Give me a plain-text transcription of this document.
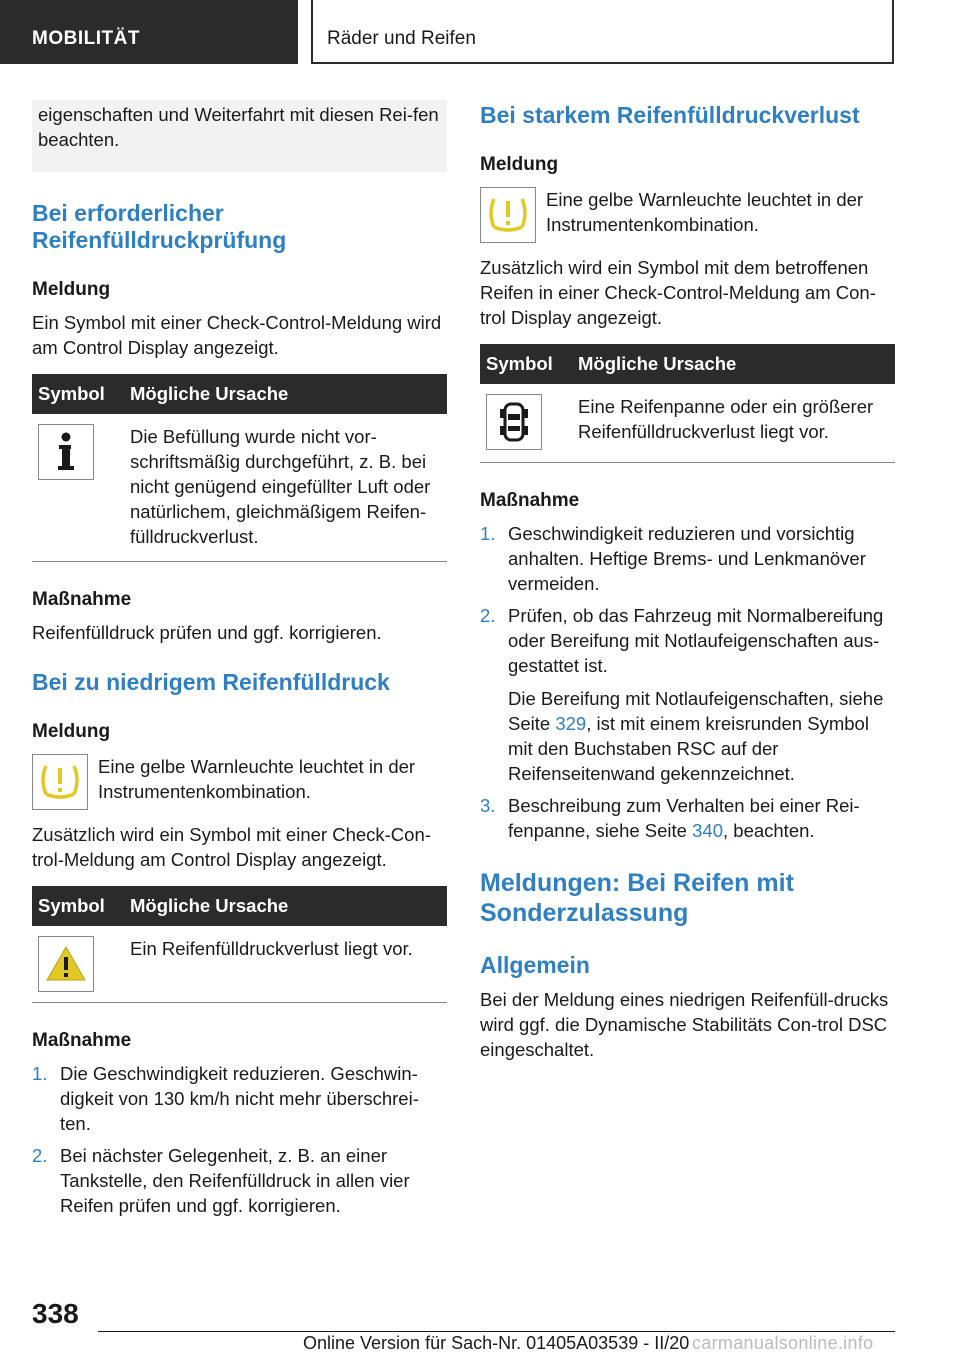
MOBILITÄT	Räder und Reifen

eigenschaften und Weiterfahrt mit diesen Rei-fen beachten.

Bei erforderlicher Reifenfülldruckprüfung
Meldung

Ein Symbol mit einer Check-Control-Meldung wird am Control Display angezeigt.

Symbol	Mögliche Ursache

	Die Befüllung wurde nicht vor-schriftsmäßig durchgeführt, z. B. bei nicht genügend eingefüllter Luft oder natürlichem, gleichmäßigem Reifen-fülldruckverlust.
Maßnahme

Reifenfülldruck prüfen und ggf. korrigieren.

Bei zu niedrigem Reifenfülldruck
Meldung

Eine gelbe Warnleuchte leuchtet in der Instrumentenkombination.

Zusätzlich wird ein Symbol mit einer Check-Con-trol-Meldung am Control Display angezeigt.

Symbol	Mögliche Ursache

	Ein Reifenfülldruckverlust liegt vor.
Maßnahme
1. Die Geschwindigkeit reduzieren. Geschwin-digkeit von 130 km/h nicht mehr überschrei-ten.
2. Bei nächster Gelegenheit, z. B. an einer Tankstelle, den Reifenfülldruck in allen vier Reifen prüfen und ggf. korrigieren.
Bei starkem Reifenfülldruckverlust
Meldung

Eine gelbe Warnleuchte leuchtet in der Instrumentenkombination.

Zusätzlich wird ein Symbol mit dem betroffenen Reifen in einer Check-Control-Meldung am Con-trol Display angezeigt.

Symbol	Mögliche Ursache

	Eine Reifenpanne oder ein größerer Reifenfülldruckverlust liegt vor.
Maßnahme
1. Geschwindigkeit reduzieren und vorsichtig anhalten. Heftige Brems- und Lenkmanöver vermeiden.
2. Prüfen, ob das Fahrzeug mit Normalbereifung oder Bereifung mit Notlaufeigenschaften aus-gestattet ist.
Die Bereifung mit Notlaufeigenschaften, siehe Seite 329, ist mit einem kreisrunden Symbol mit den Buchstaben RSC auf der Reifenseitenwand gekennzeichnet.
3. Beschreibung zum Verhalten bei einer Rei-fenpanne, siehe Seite 340, beachten.
Meldungen: Bei Reifen mit Sonderzulassung
Allgemein

Bei der Meldung eines niedrigen Reifenfüll-drucks wird ggf. die Dynamische Stabilitäts Con-trol DSC eingeschaltet.

338
Online Version für Sach-Nr. 01405A03539 - II/20 carmanualsonline.info
